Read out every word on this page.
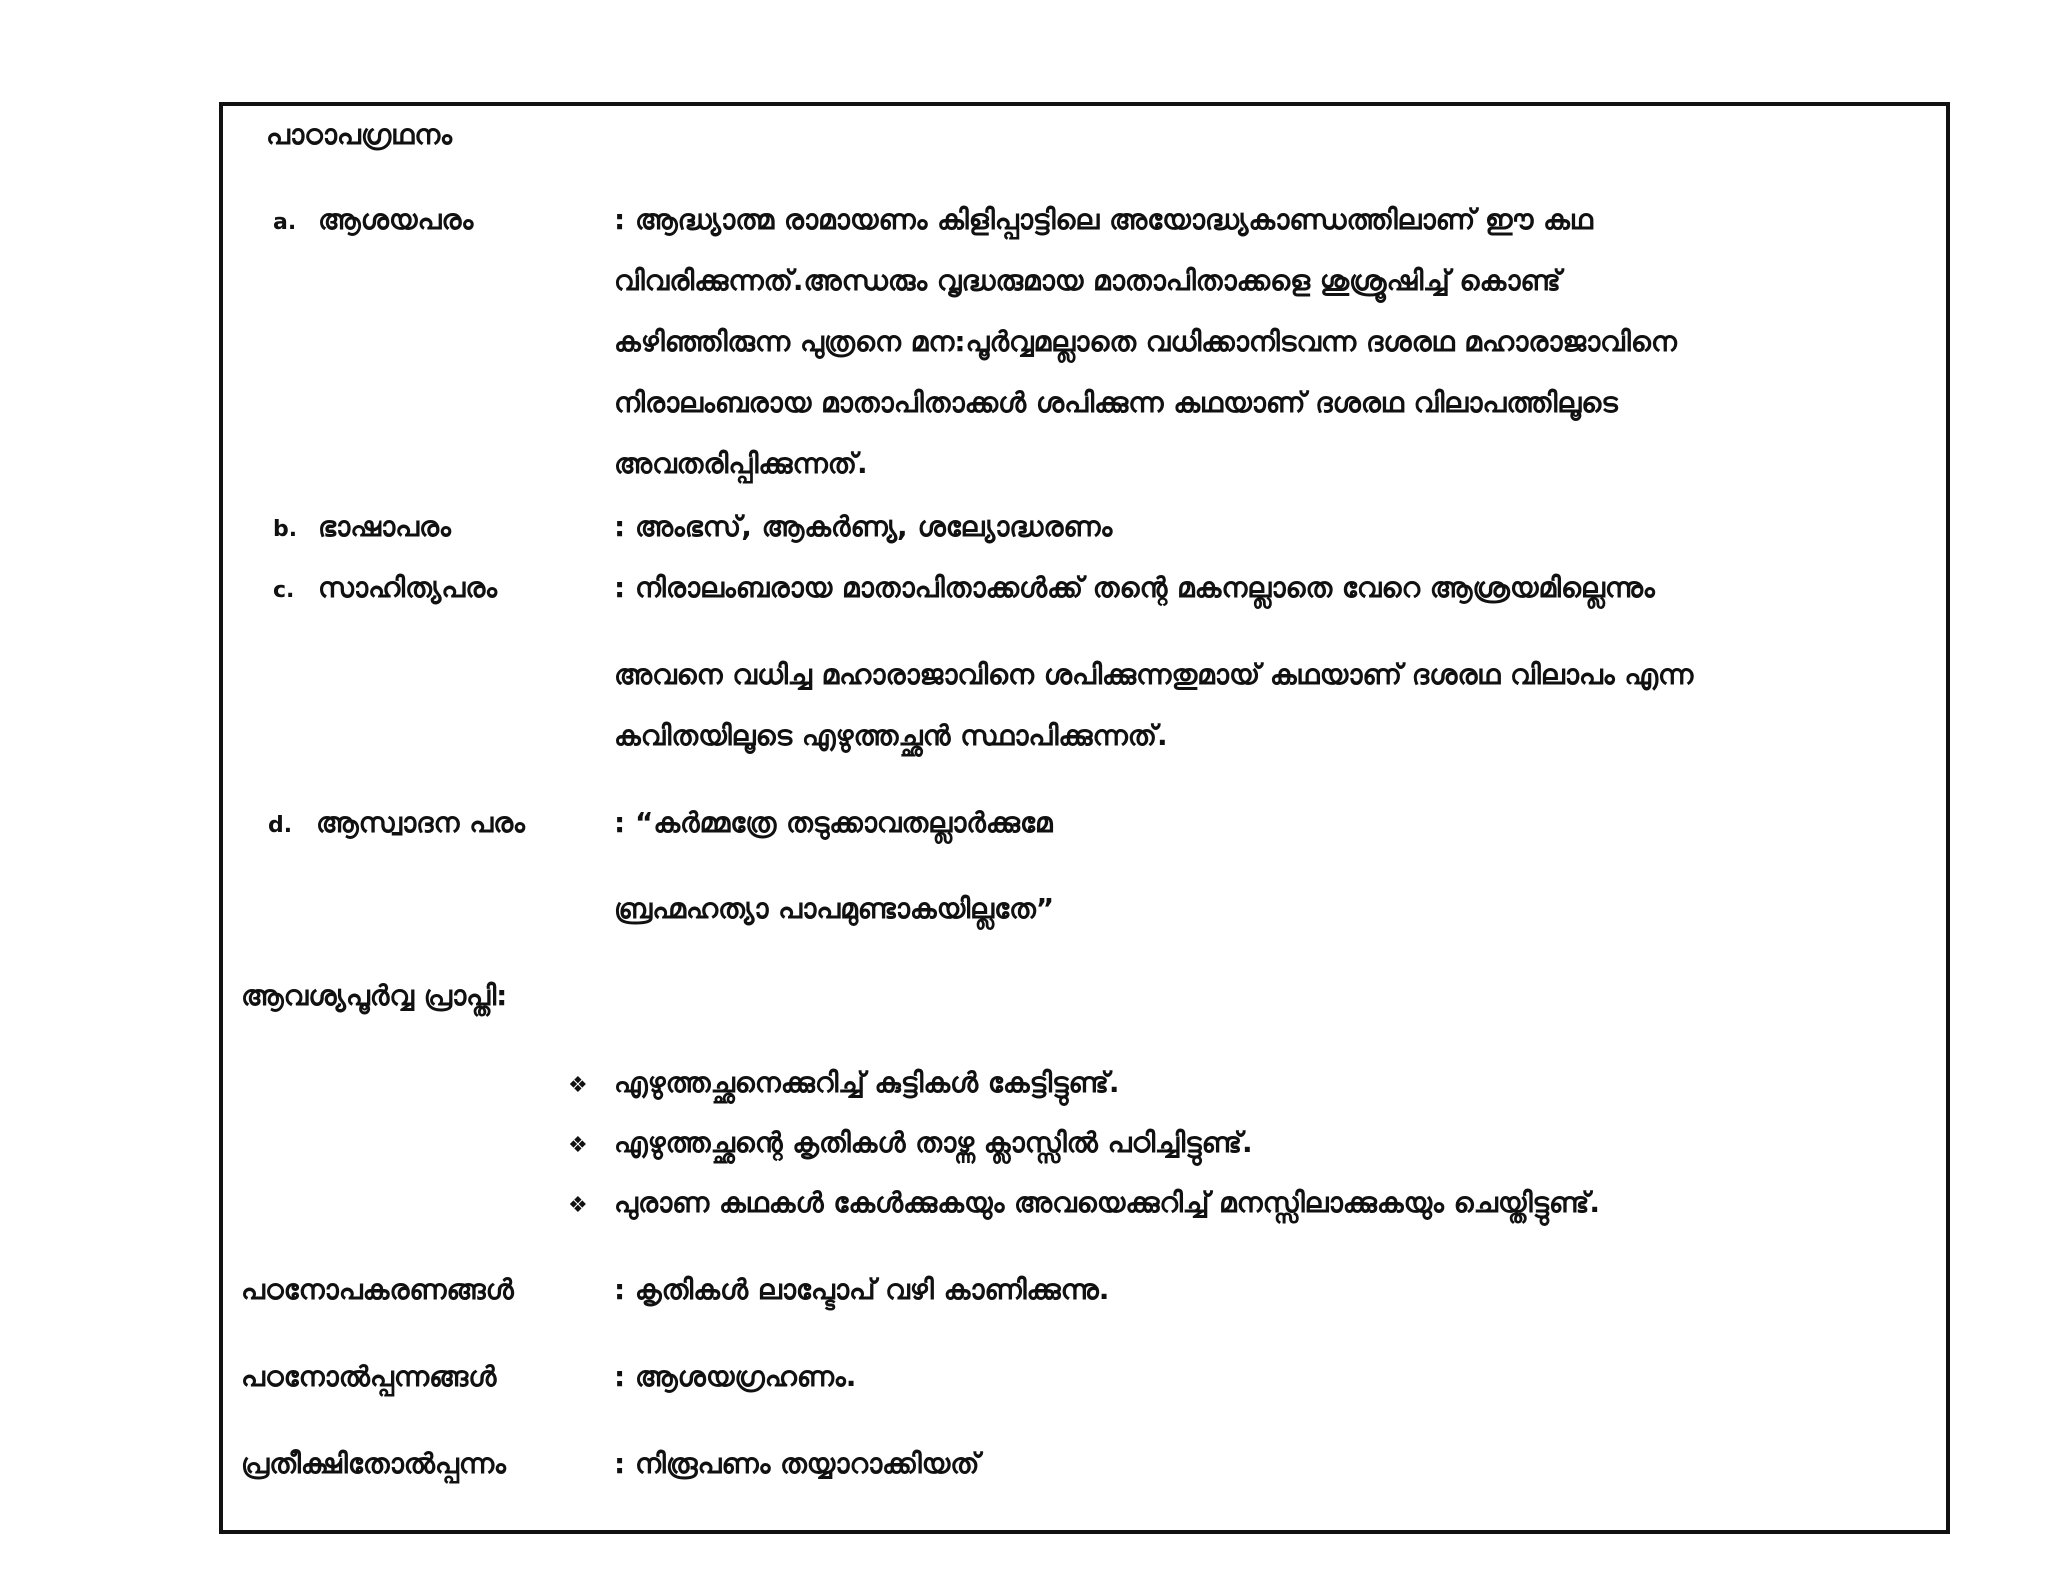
പാഠാപഗ്രഥനം
a. ആശയപരം	: ആദ്ധ്യാത്മ രാമായണം കിളിപ്പാട്ടിലെ അയോദ്ധ്യകാണ്ഡത്തിലാണ് ഈ കഥ
വിവരിക്കുന്നത്.അന്ധരും വൃദ്ധരുമായ മാതാപിതാക്കളെ ശുശ്രൂഷിച്ച് കൊണ്ട്
കഴിഞ്ഞിരുന്ന പുത്രനെ മന:പൂർവ്വമല്ലാതെ വധിക്കാനിടവന്ന ദശരഥ മഹാരാജാവിനെ
നിരാലംബരായ മാതാപിതാക്കൾ ശപിക്കുന്ന കഥയാണ് ദശരഥ വിലാപത്തിലൂടെ
അവതരിപ്പിക്കുന്നത്.
b. ഭാഷാപരം	: അംഭസ്, ആകർണ്യ, ശല്യോദ്ധരണം
c. സാഹിത്യപരം	: നിരാലംബരായ മാതാപിതാക്കൾക്ക് തന്റെ മകനല്ലാതെ വേറെ ആശ്രയമില്ലെന്നും
അവനെ വധിച്ച മഹാരാജാവിനെ ശപിക്കുന്നതുമായ് കഥയാണ് ദശരഥ വിലാപം എന്ന
കവിതയിലൂടെ എഴുത്തച്ഛൻ സ്ഥാപിക്കുന്നത്.
d. ആസ്വാദന പരം	: “കർമ്മത്രേ തടുക്കാവതല്ലാർക്കുമേ
ബ്രഹ്മഹത്യാ പാപമുണ്ടാകയില്ലതേ”
ആവശ്യപൂർവ്വ പ്രാപ്തി:
❖ എഴുത്തച്ഛനെക്കുറിച്ച് കുട്ടികൾ കേട്ടിട്ടുണ്ട്.
❖ എഴുത്തച്ഛന്റെ കൃതികൾ താഴ്ന്ന ക്ലാസ്സിൽ പഠിച്ചിട്ടുണ്ട്.
❖ പുരാണ കഥകൾ കേൾക്കുകയും അവയെക്കുറിച്ച് മനസ്സിലാക്കുകയും ചെയ്തിട്ടുണ്ട്.
പഠനോപകരണങ്ങൾ	: കൃതികൾ ലാപ്ടോപ് വഴി കാണിക്കുന്നു.
പഠനോൽപ്പന്നങ്ങൾ	: ആശയഗ്രഹണം.
പ്രതീക്ഷിതോൽപ്പന്നം	: നിരൂപണം തയ്യാറാക്കിയത്
